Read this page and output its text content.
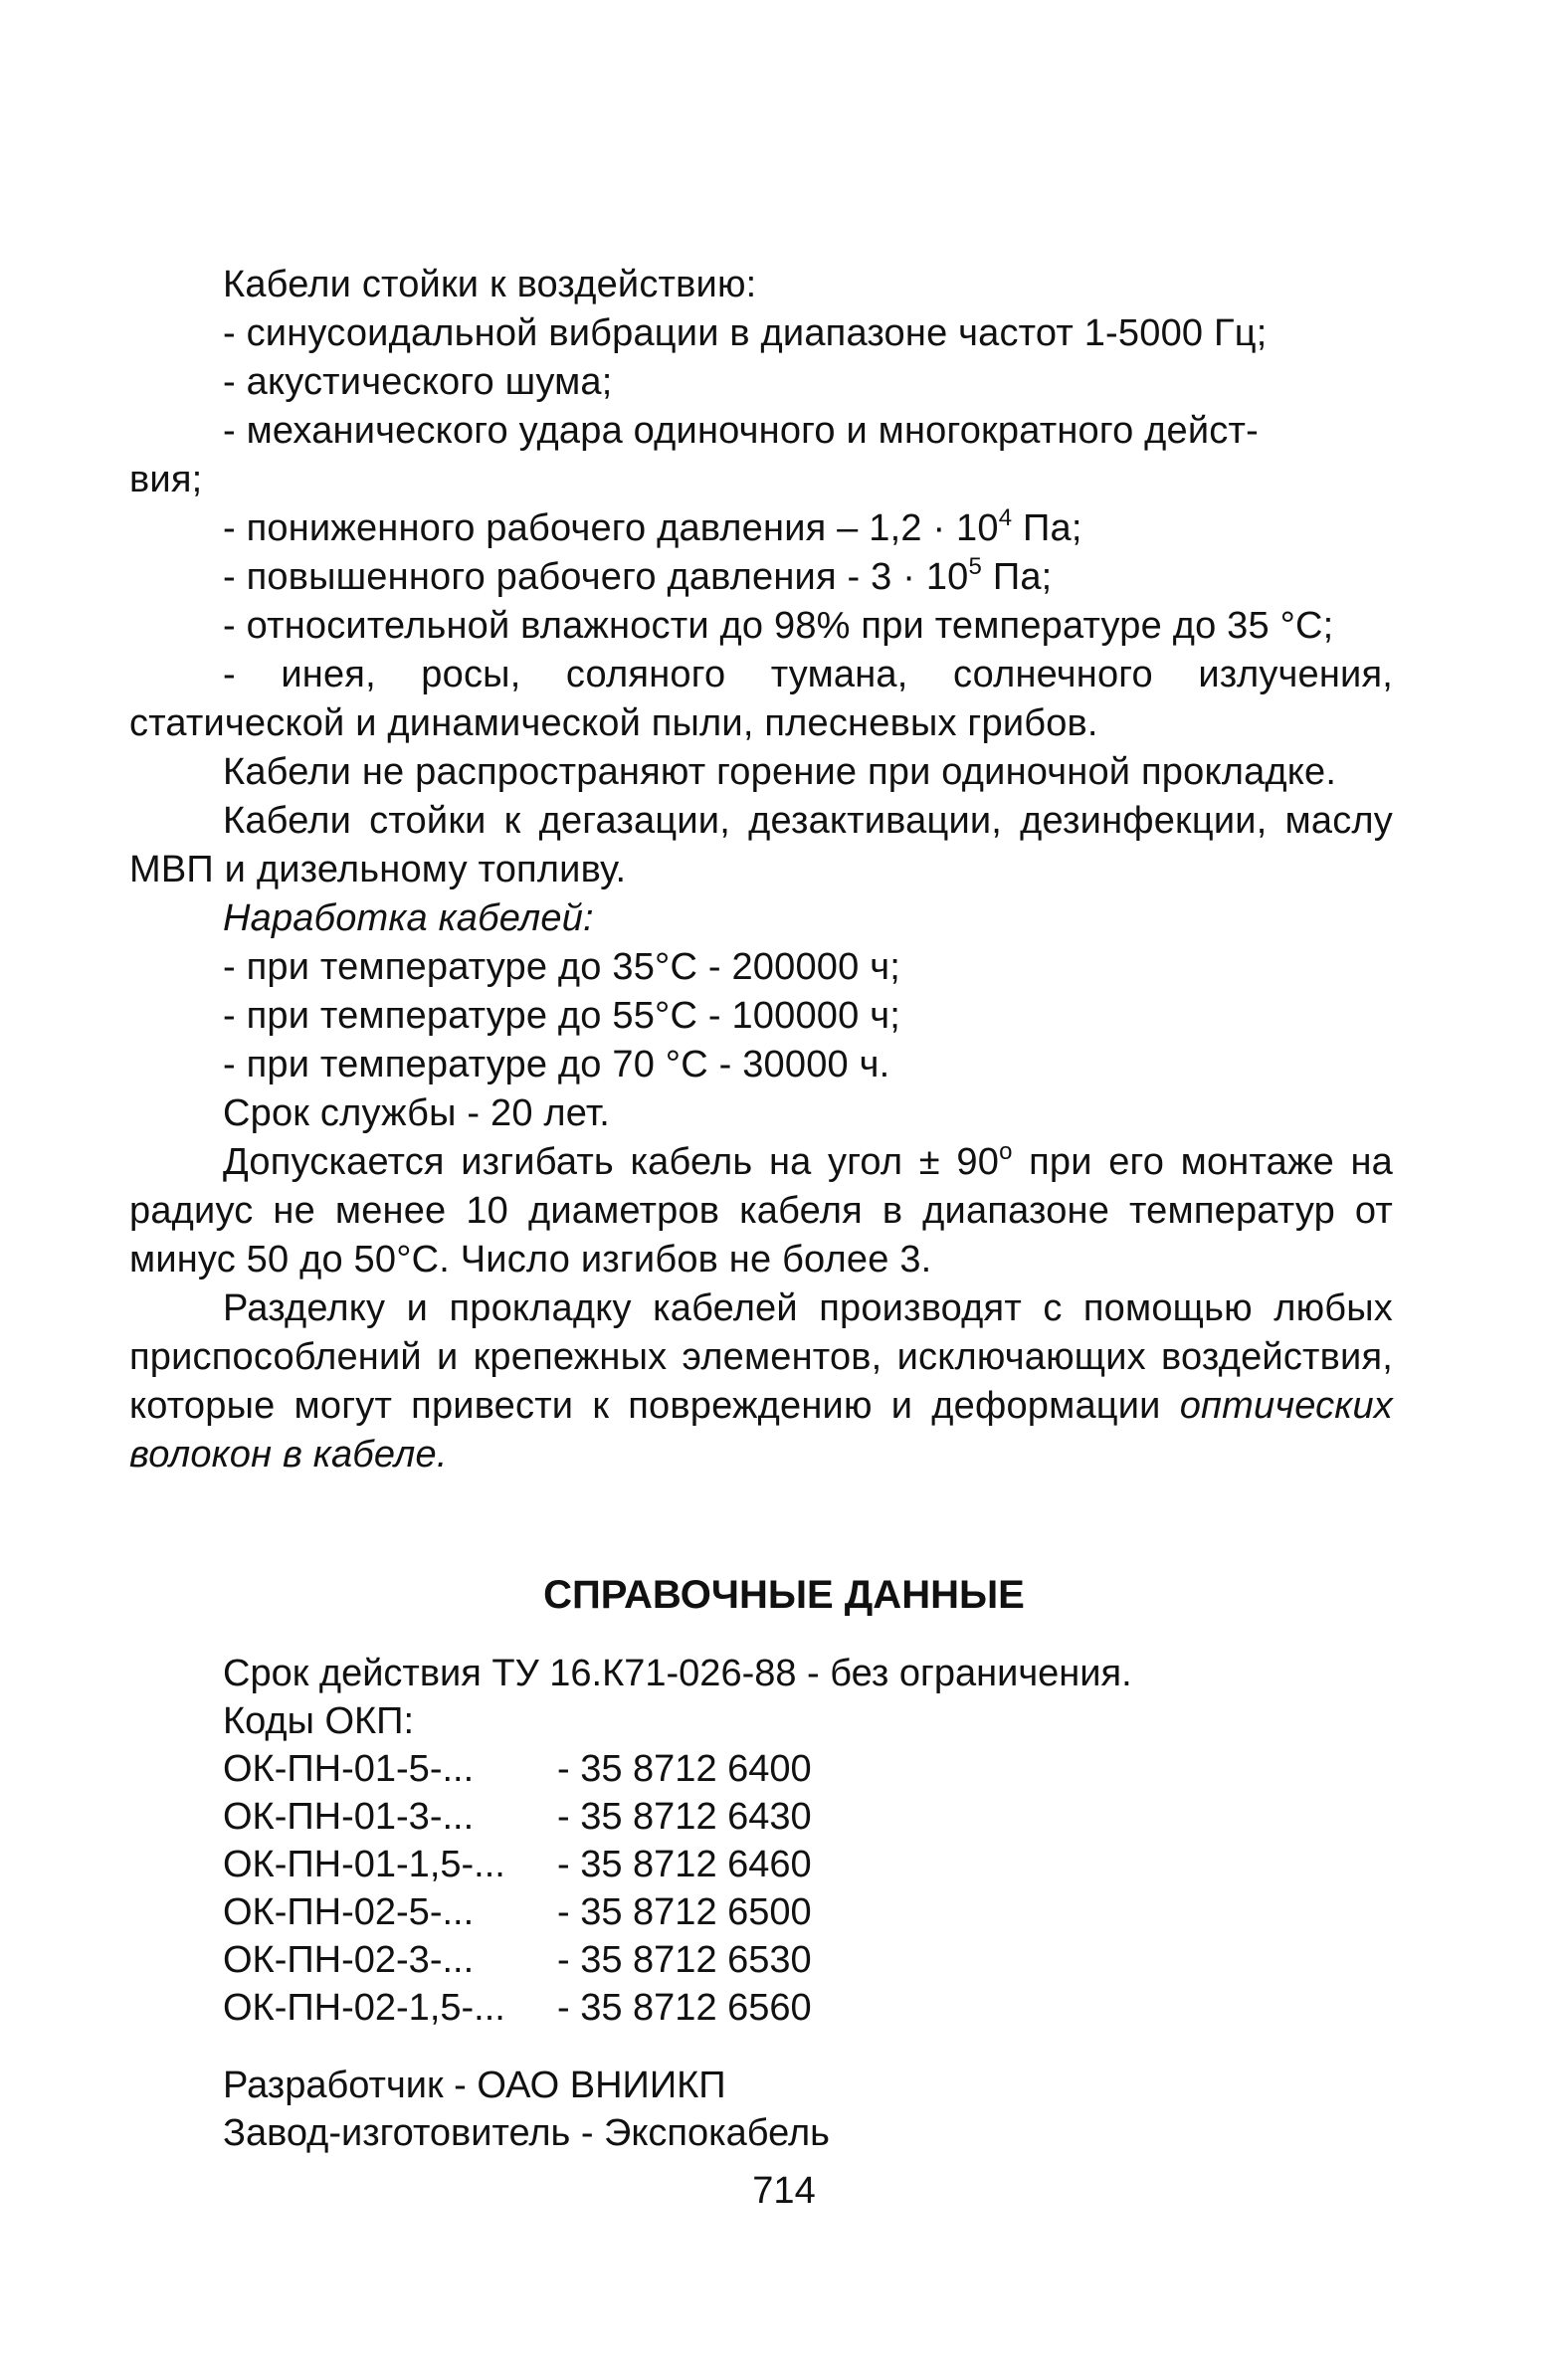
Кабели стойки к воздействию:

- синусоидальной вибрации в диапазоне частот 1-5000 Гц;

- акустического шума;

- механического удара одиночного и многократного дейст-
вия;

- пониженного рабочего давления – $1,2 \cdot 10^4$ Па;

- повышенного рабочего давления - $3 \cdot 10^5$ Па;

- относительной влажности до 98% при температуре до 35 °С;

- инея, росы, соляного тумана, солнечного излучения, статической и динамической пыли, плесневых грибов.

Кабели не распространяют горение при одиночной прокладке.

Кабели стойки к дегазации, дезактивации, дезинфекции, маслу МВП и дизельному топливу.

Наработка кабелей:

- при температуре до 35°С - 200000 ч;

- при температуре до 55°С - 100000 ч;

- при температуре до 70 °С - 30000 ч.

Срок службы - 20 лет.

Допускается изгибать кабель на угол ± $90^о$ при его монтаже на радиус не менее 10 диаметров кабеля в диапазоне температур от минус 50 до 50°С. Число изгибов не более 3.

Разделку и прокладку кабелей производят с помощью любых приспособлений и крепежных элементов, исключающих воздействия, которые могут привести к повреждению и деформации оптических волокон в кабеле.

СПРАВОЧНЫЕ ДАННЫЕ

Срок действия ТУ 16.К71-026-88 - без ограничения.

Коды ОКП:

ОК-ПН-01-5-...	- 35 8712 6400
ОК-ПН-01-3-...	- 35 8712 6430
ОК-ПН-01-1,5-...	- 35 8712 6460
ОК-ПН-02-5-...	- 35 8712 6500
ОК-ПН-02-3-...	- 35 8712 6530
ОК-ПН-02-1,5-...	- 35 8712 6560

Разработчик - ОАО ВНИИКП

Завод-изготовитель - Экспокабель

714
